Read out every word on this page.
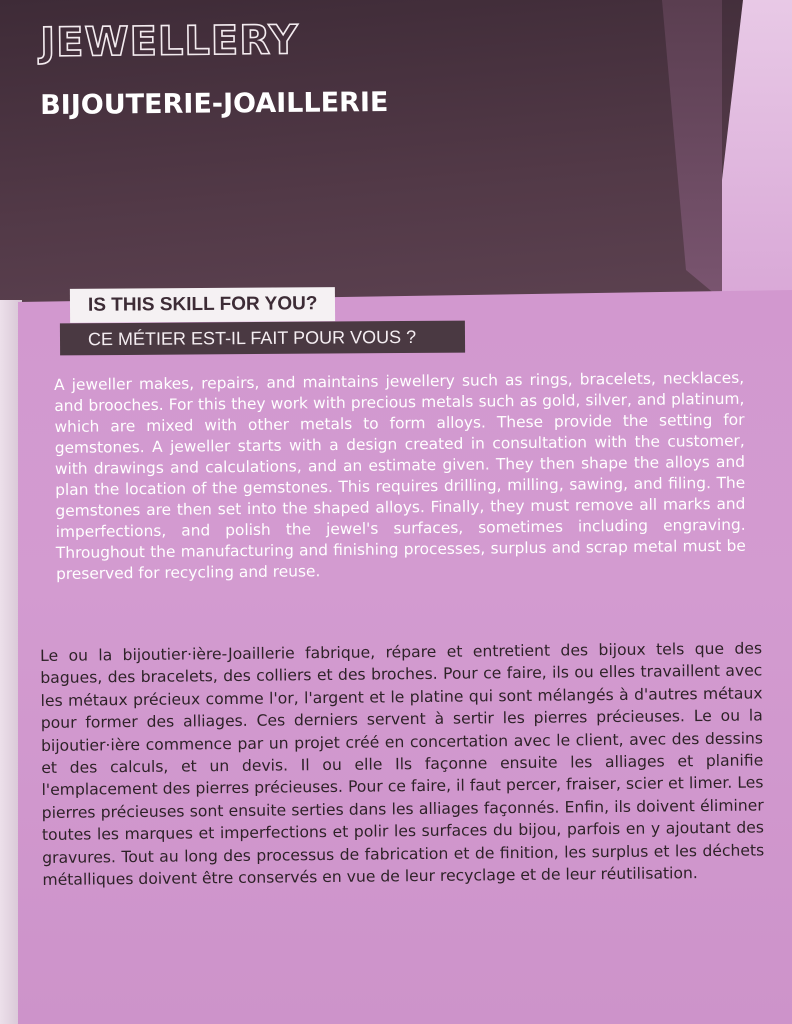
JEWELLERY
BIJOUTERIE-JOAILLERIE
IS THIS SKILL FOR YOU?
CE MÉTIER EST-IL FAIT POUR VOUS ?

A jeweller makes, repairs, and maintains jewellery such as rings, bracelets, necklaces, and brooches. For this they work with precious metals such as gold, silver, and platinum, which are mixed with other metals to form alloys. These provide the setting for gemstones. A jeweller starts with a design created in consultation with the customer, with drawings and calculations, and an estimate given. They then shape the alloys and plan the location of the gemstones. This requires drilling, milling, sawing, and filing. The gemstones are then set into the shaped alloys. Finally, they must remove all marks and imperfections, and polish the jewel's surfaces, sometimes including engraving. Throughout the manufacturing and finishing processes, surplus and scrap metal must be preserved for recycling and reuse.

Le ou la bijoutier·ière-Joaillerie fabrique, répare et entretient des bijoux tels que des bagues, des bracelets, des colliers et des broches. Pour ce faire, ils ou elles travaillent avec les métaux précieux comme l'or, l'argent et le platine qui sont mélangés à d'autres métaux pour former des alliages. Ces derniers servent à sertir les pierres précieuses. Le ou la bijoutier·ière commence par un projet créé en concertation avec le client, avec des dessins et des calculs, et un devis. Il ou elle Ils façonne ensuite les alliages et planifie l'emplacement des pierres précieuses. Pour ce faire, il faut percer, fraiser, scier et limer. Les pierres précieuses sont ensuite serties dans les alliages façonnés. Enfin, ils doivent éliminer toutes les marques et imperfections et polir les surfaces du bijou, parfois en y ajoutant des gravures. Tout au long des processus de fabrication et de finition, les surplus et les déchets métalliques doivent être conservés en vue de leur recyclage et de leur réutilisation.
